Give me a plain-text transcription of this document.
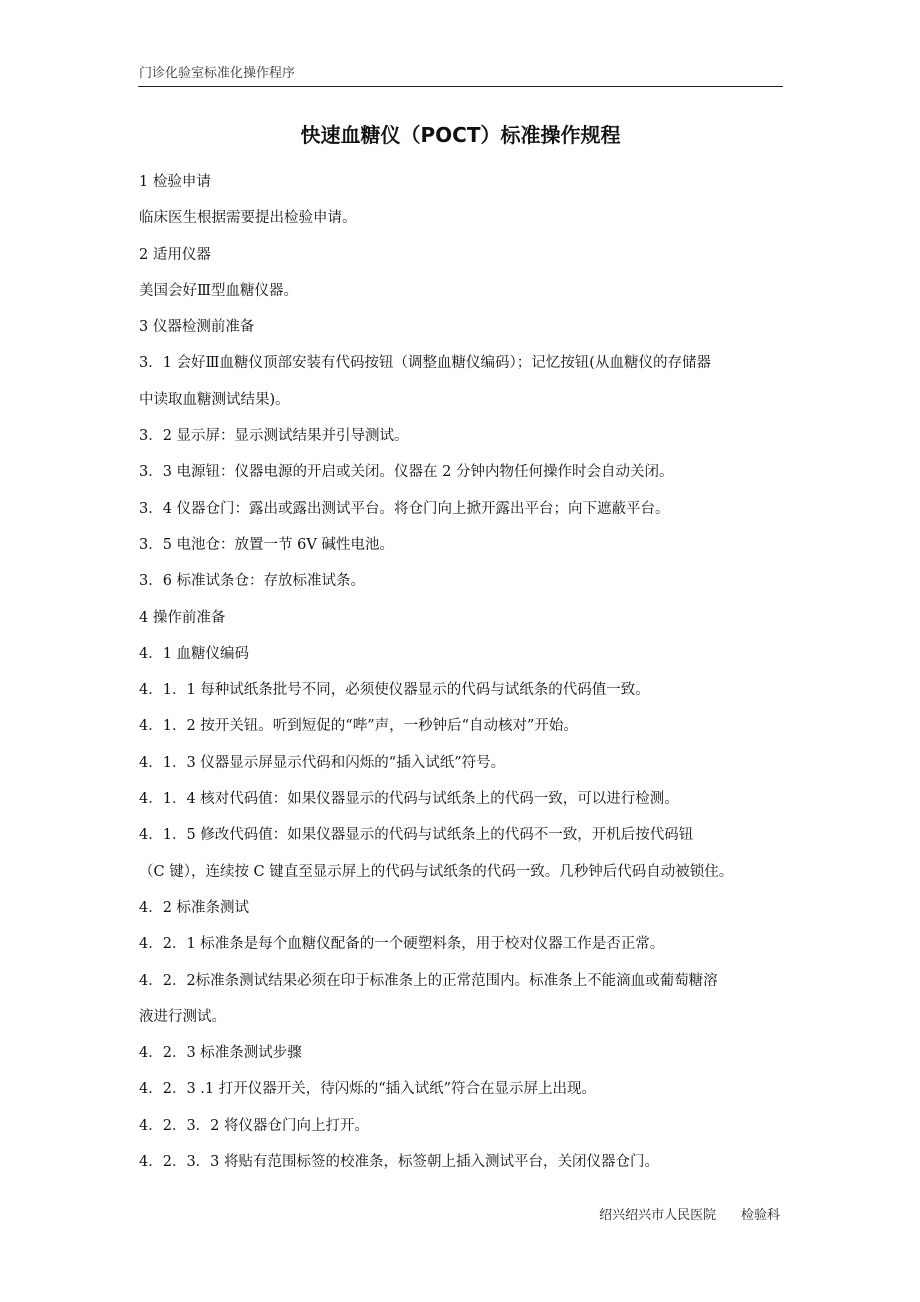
门诊化验室标准化操作程序
快速血糖仪（POCT）标准操作规程
1 检验申请
临床医生根据需要提出检验申请。
2 适用仪器
美国会好Ⅲ型血糖仪器。
3 仪器检测前准备
3．1 会好Ⅲ血糖仪顶部安装有代码按钮（调整血糖仪编码）；记忆按钮(从血糖仪的存储器
中读取血糖测试结果)。
3．2 显示屏：显示测试结果并引导测试。
3．3 电源钮：仪器电源的开启或关闭。仪器在 2 分钟内物任何操作时会自动关闭。
3．4 仪器仓门：露出或露出测试平台。将仓门向上掀开露出平台；向下遮蔽平台。
3．5 电池仓：放置一节 6V 碱性电池。
3．6 标准试条仓：存放标准试条。
4 操作前准备
4．1 血糖仪编码
4．1．1 每种试纸条批号不同，必须使仪器显示的代码与试纸条的代码值一致。
4．1．2 按开关钮。听到短促的“哔”声，一秒钟后“自动核对”开始。
4．1．3 仪器显示屏显示代码和闪烁的“插入试纸”符号。
4．1．4 核对代码值：如果仪器显示的代码与试纸条上的代码一致，可以进行检测。
4．1．5 修改代码值：如果仪器显示的代码与试纸条上的代码不一致，开机后按代码钮
（C 键），连续按 C 键直至显示屏上的代码与试纸条的代码一致。几秒钟后代码自动被锁住。
4．2 标准条测试
4．2．1 标准条是每个血糖仪配备的一个硬塑料条，用于校对仪器工作是否正常。
4．2．2标准条测试结果必须在印于标准条上的正常范围内。标准条上不能滴血或葡萄糖溶
液进行测试。
4．2．3 标准条测试步骤
4．2．3 .1 打开仪器开关，待闪烁的“插入试纸”符合在显示屏上出现。
4．2．3．2 将仪器仓门向上打开。
4．2．3．3 将贴有范围标签的校准条，标签朝上插入测试平台，关闭仪器仓门。
绍兴绍兴市人民医院 检验科
